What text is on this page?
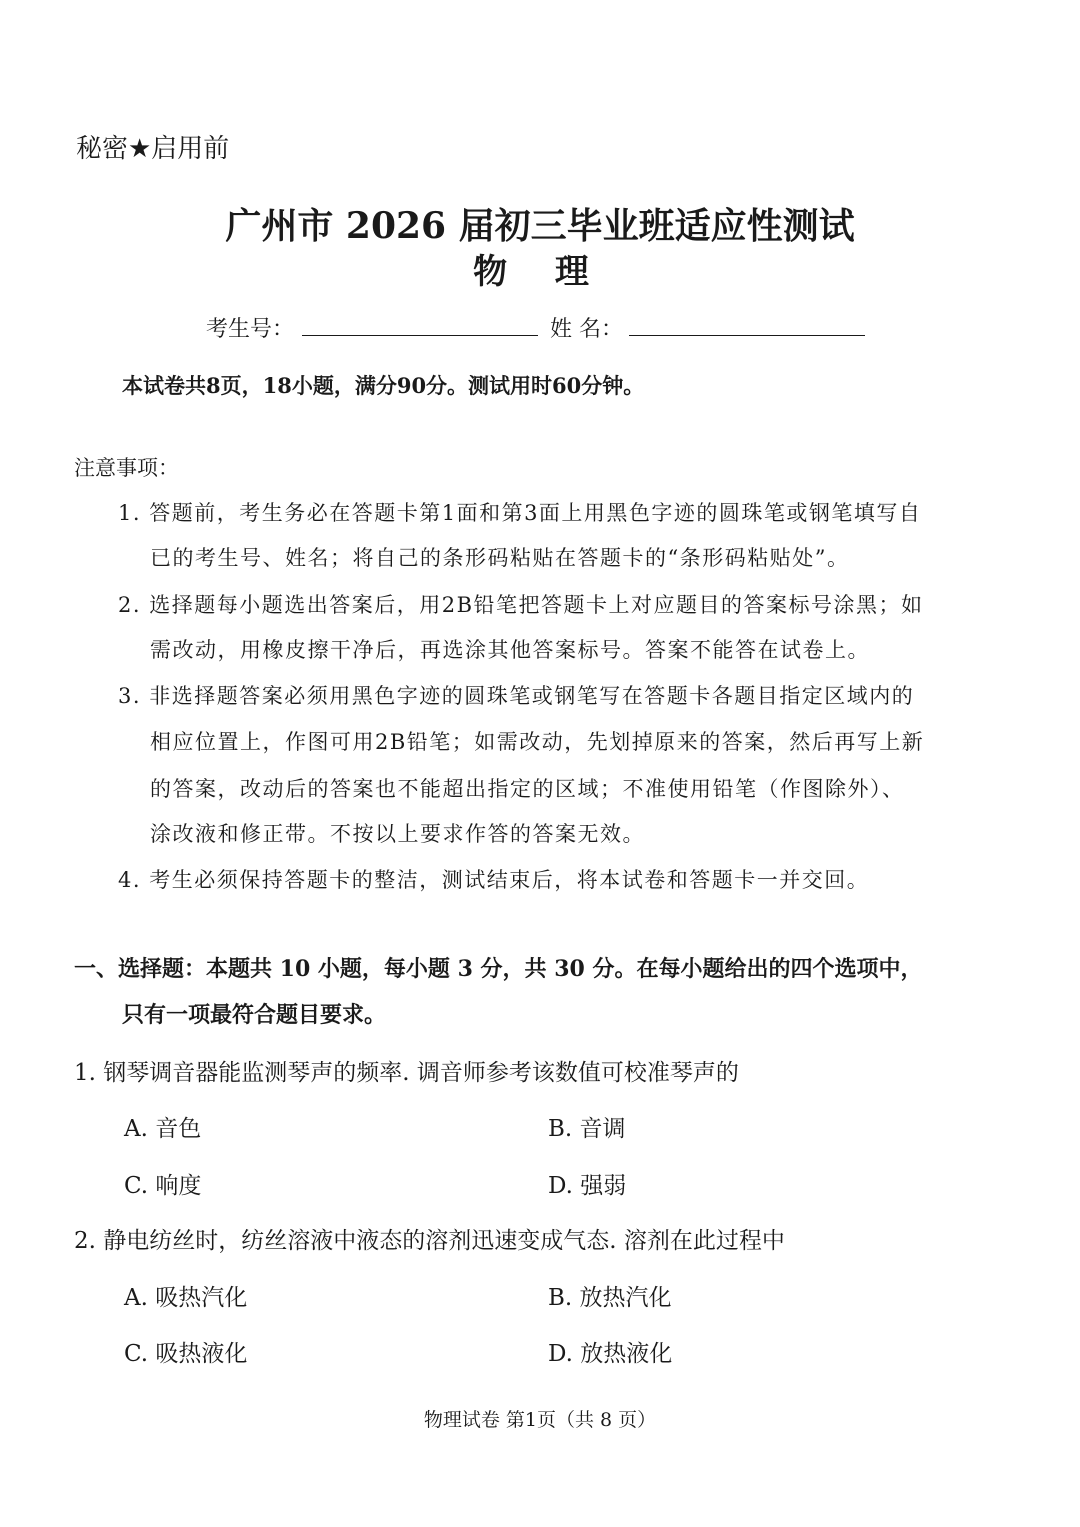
秘密★启用前
广州市 2026 届初三毕业班适应性测试
物 理
考生号：	姓 名：
本试卷共8页，18小题，满分90分。测试用时60分钟。
注意事项：
1. 答题前，考生务必在答题卡第1面和第3面上用黑色字迹的圆珠笔或钢笔填写自
已的考生号、姓名；将自己的条形码粘贴在答题卡的“条形码粘贴处”。
2. 选择题每小题选出答案后，用2B铅笔把答题卡上对应题目的答案标号涂黑；如
需改动，用橡皮擦干净后，再选涂其他答案标号。答案不能答在试卷上。
3. 非选择题答案必须用黑色字迹的圆珠笔或钢笔写在答题卡各题目指定区域内的
相应位置上，作图可用2B铅笔；如需改动，先划掉原来的答案，然后再写上新
的答案，改动后的答案也不能超出指定的区域；不准使用铅笔（作图除外）、
涂改液和修正带。不按以上要求作答的答案无效。
4. 考生必须保持答题卡的整洁，测试结束后，将本试卷和答题卡一并交回。
一、选择题：本题共 10 小题，每小题 3 分，共 30 分。在每小题给出的四个选项中，
只有一项最符合题目要求。
1. 钢琴调音器能监测琴声的频率. 调音师参考该数值可校准琴声的
A. 音色	B. 音调
C. 响度	D. 强弱
2. 静电纺丝时，纺丝溶液中液态的溶剂迅速变成气态. 溶剂在此过程中
A. 吸热汽化	B. 放热汽化
C. 吸热液化	D. 放热液化
物理试卷 第1页（共 8 页）
